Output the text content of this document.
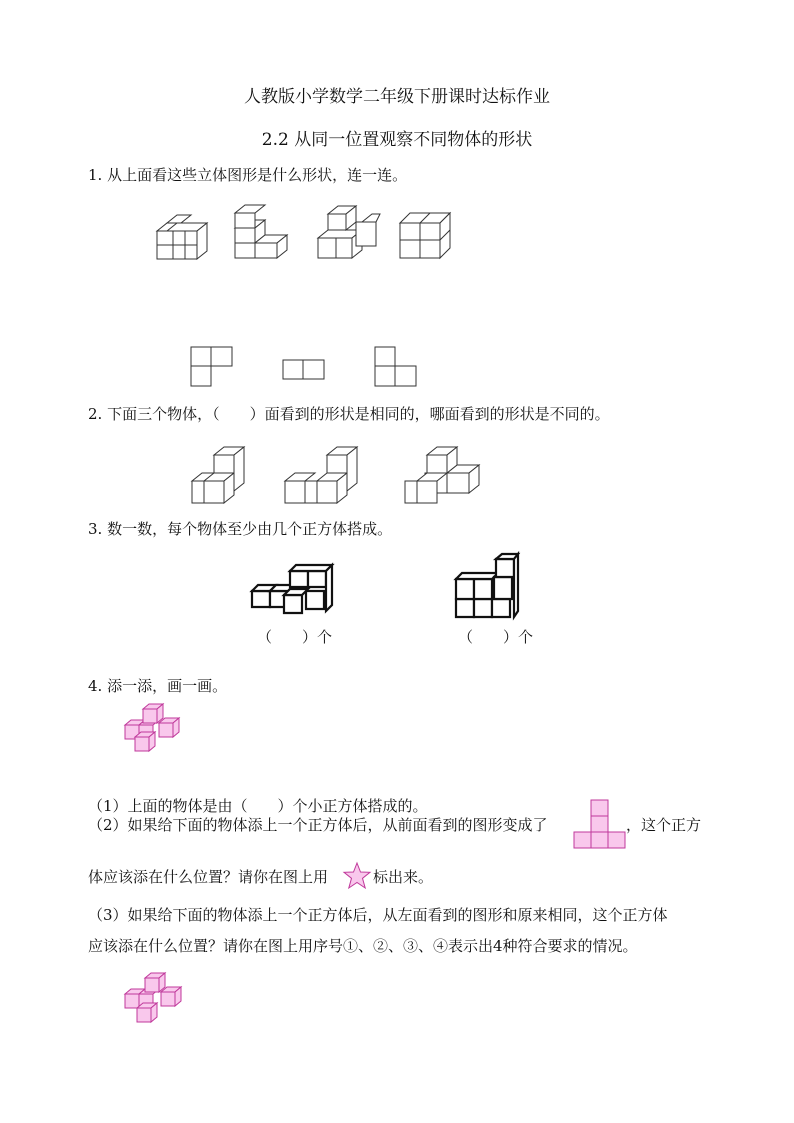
人教版小学数学二年级下册课时达标作业
2.2 从同一位置观察不同物体的形状
1. 从上面看这些立体图形是什么形状，连一连。
2. 下面三个物体，（　　）面看到的形状是相同的，哪面看到的形状是不同的。
3. 数一数，每个物体至少由几个正方体搭成。
（　　）个	（　　）个
4. 添一添，画一画。
（1）上面的物体是由（　　）个小正方体搭成的。
（2）如果给下面的物体添上一个正方体后，从前面看到的图形变成了	，这个正方
体应该添在什么位置？请你在图上用	标出来。
（3）如果给下面的物体添上一个正方体后，从左面看到的图形和原来相同，这个正方体
应该添在什么位置？请你在图上用序号①、②、③、④表示出4种符合要求的情况。
